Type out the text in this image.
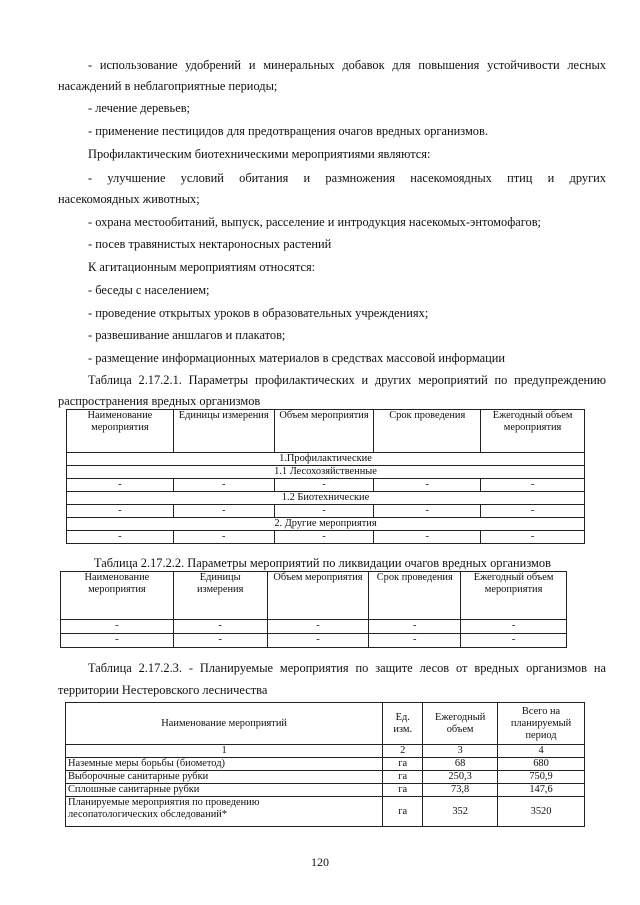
- использование удобрений и минеральных добавок для повышения устойчивости лесных
насаждений в неблагоприятные периоды;
- лечение деревьев;
- применение пестицидов для предотвращения очагов вредных организмов.
Профилактическим биотехническими мероприятиями являются:
- улучшение условий обитания и размножения насекомоядных птиц и других
насекомоядных животных;
- охрана местообитаний, выпуск, расселение и интродукция насекомых-энтомофагов;
- посев травянистых нектароносных растений
К агитационным мероприятиям относятся:
- беседы с населением;
- проведение открытых уроков в образовательных учреждениях;
- развешивание аншлагов и плакатов;
- размещение информационных материалов в средствах массовой информации
Таблица 2.17.2.1. Параметры профилактических и других мероприятий по предупреждению
распространения вредных организмов
Наименование мероприятия	Единицы измерения	Объем мероприятия	Срок проведения	Ежегодный объем мероприятия
1.Профилактические				
1.1 Лесохозяйственные				
-	-	-	-	-
1.2 Биотехнические				
-	-	-	-	-
2. Другие мероприятия				
-	-	-	-	-
Таблица 2.17.2.2. Параметры мероприятий по ликвидации очагов вредных организмов
Наименование мероприятия	Единицы измерения	Объем мероприятия	Срок проведения	Ежегодный объем мероприятия
-	-	-	-	-
-	-	-	-	-
Таблица 2.17.2.3. - Планируемые мероприятия по защите лесов от вредных организмов на
территории Нестеровского лесничества
Наименование мероприятий	Ед. изм.	Ежегодный объем	Всего на планируемый период
1	2	3	4
Наземные меры борьбы (биометод)	га	68	680
Выборочные санитарные рубки	га	250,3	750,9
Сплошные санитарные рубки	га	73,8	147,6
Планируемые мероприятия по проведению лесопатологических обследований*	га	352	3520
120
